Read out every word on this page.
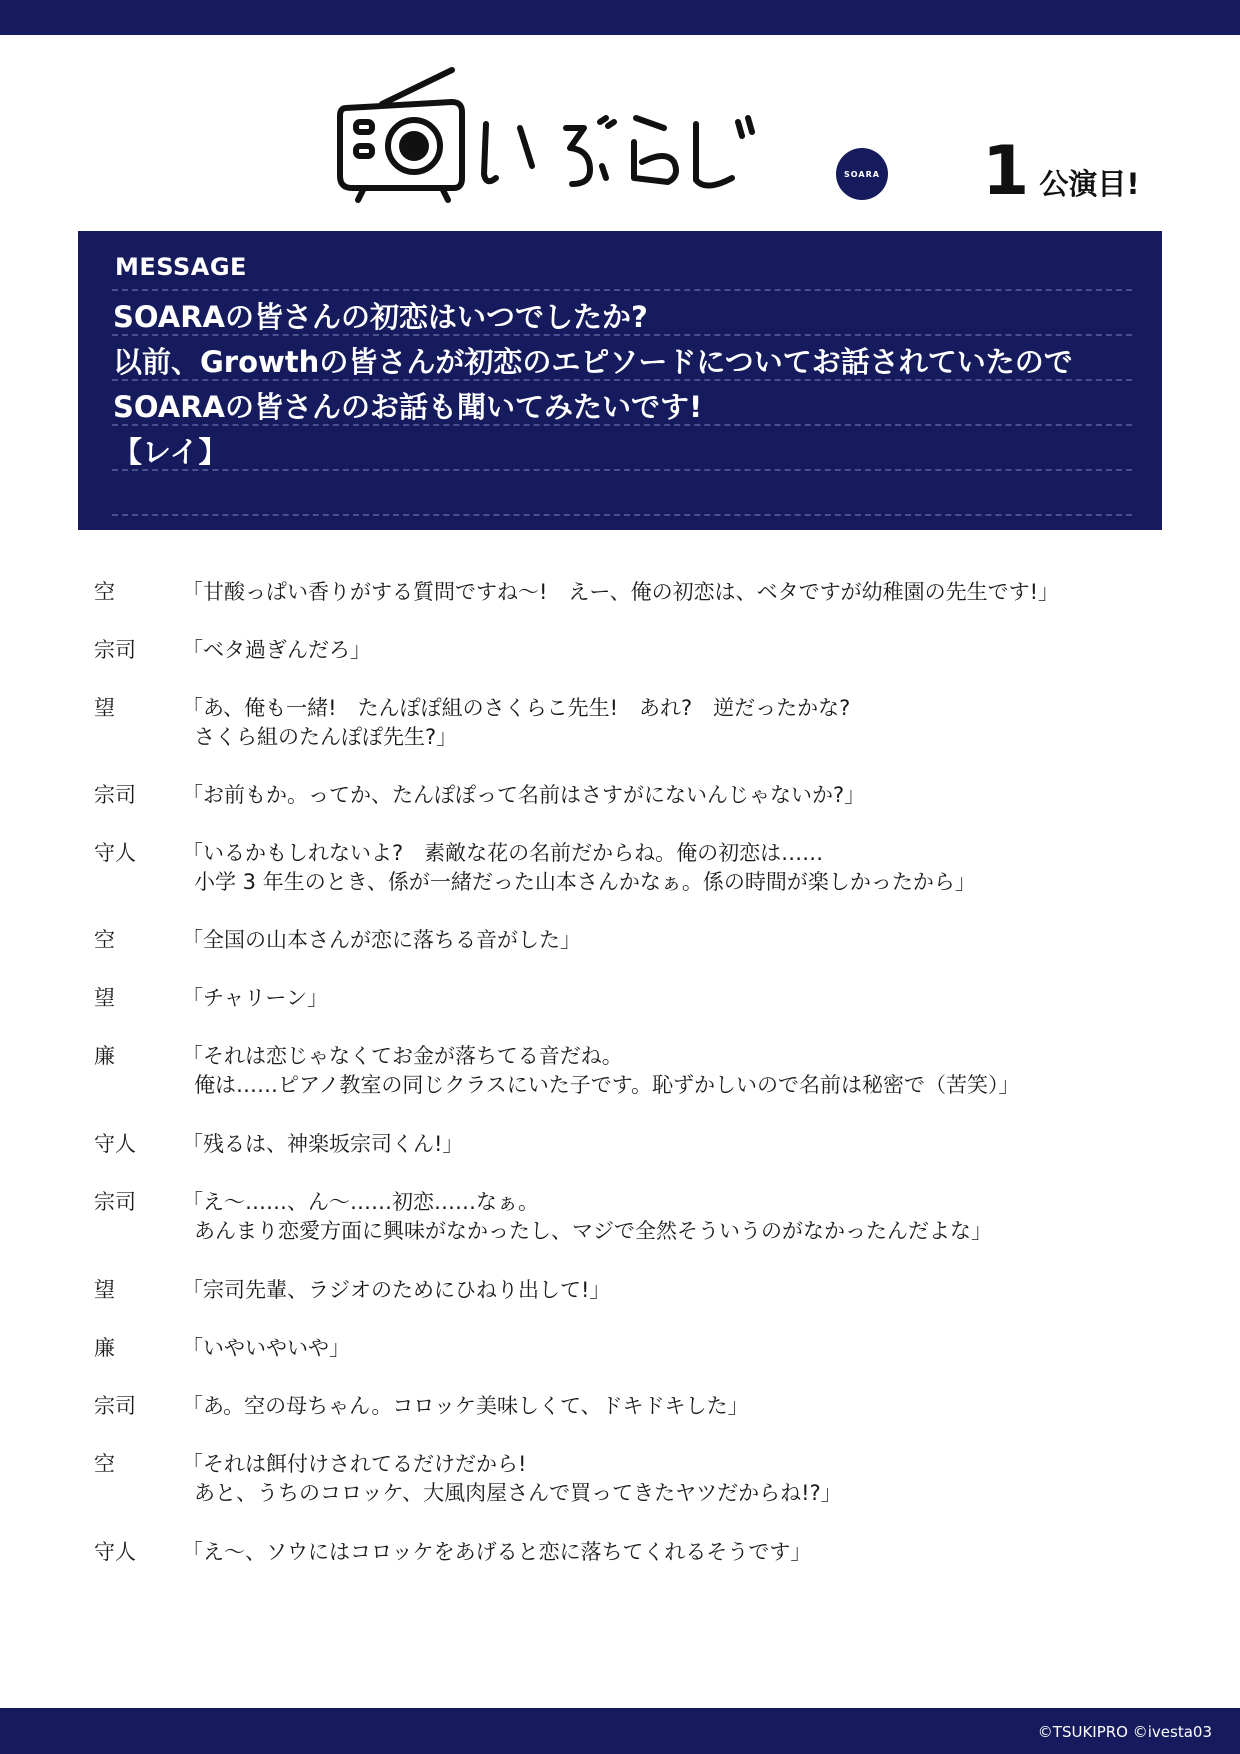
SOARA 1 公演目!
MESSAGE
SOARAの皆さんの初恋はいつでしたか?
以前、Growthの皆さんが初恋のエピソードについてお話されていたので
SOARAの皆さんのお話も聞いてみたいです!
【レイ】
空	「甘酸っぱい香りがする質問ですね～!　えー、俺の初恋は、ベタですが幼稚園の先生です!」
宗司	「ベタ過ぎんだろ」
望	「あ、俺も一緒!　たんぽぽ組のさくらこ先生!　あれ?　逆だったかな?
さくら組のたんぽぽ先生?」
宗司	「お前もか。ってか、たんぽぽって名前はさすがにないんじゃないか?」
守人	「いるかもしれないよ?　素敵な花の名前だからね。俺の初恋は……
小学 3 年生のとき、係が一緒だった山本さんかなぁ。係の時間が楽しかったから」
空	「全国の山本さんが恋に落ちる音がした」
望	「チャリーン」
廉	「それは恋じゃなくてお金が落ちてる音だね。
俺は……ピアノ教室の同じクラスにいた子です。恥ずかしいので名前は秘密で（苦笑）」
守人	「残るは、神楽坂宗司くん!」
宗司	「え～……、ん～……初恋……なぁ。
あんまり恋愛方面に興味がなかったし、マジで全然そういうのがなかったんだよな」
望	「宗司先輩、ラジオのためにひねり出して!」
廉	「いやいやいや」
宗司	「あ。空の母ちゃん。コロッケ美味しくて、ドキドキした」
空	「それは餌付けされてるだけだから!
あと、うちのコロッケ、大風肉屋さんで買ってきたヤツだからね!?」
守人	「え～、ソウにはコロッケをあげると恋に落ちてくれるそうです」
©TSUKIPRO ©ivesta03
